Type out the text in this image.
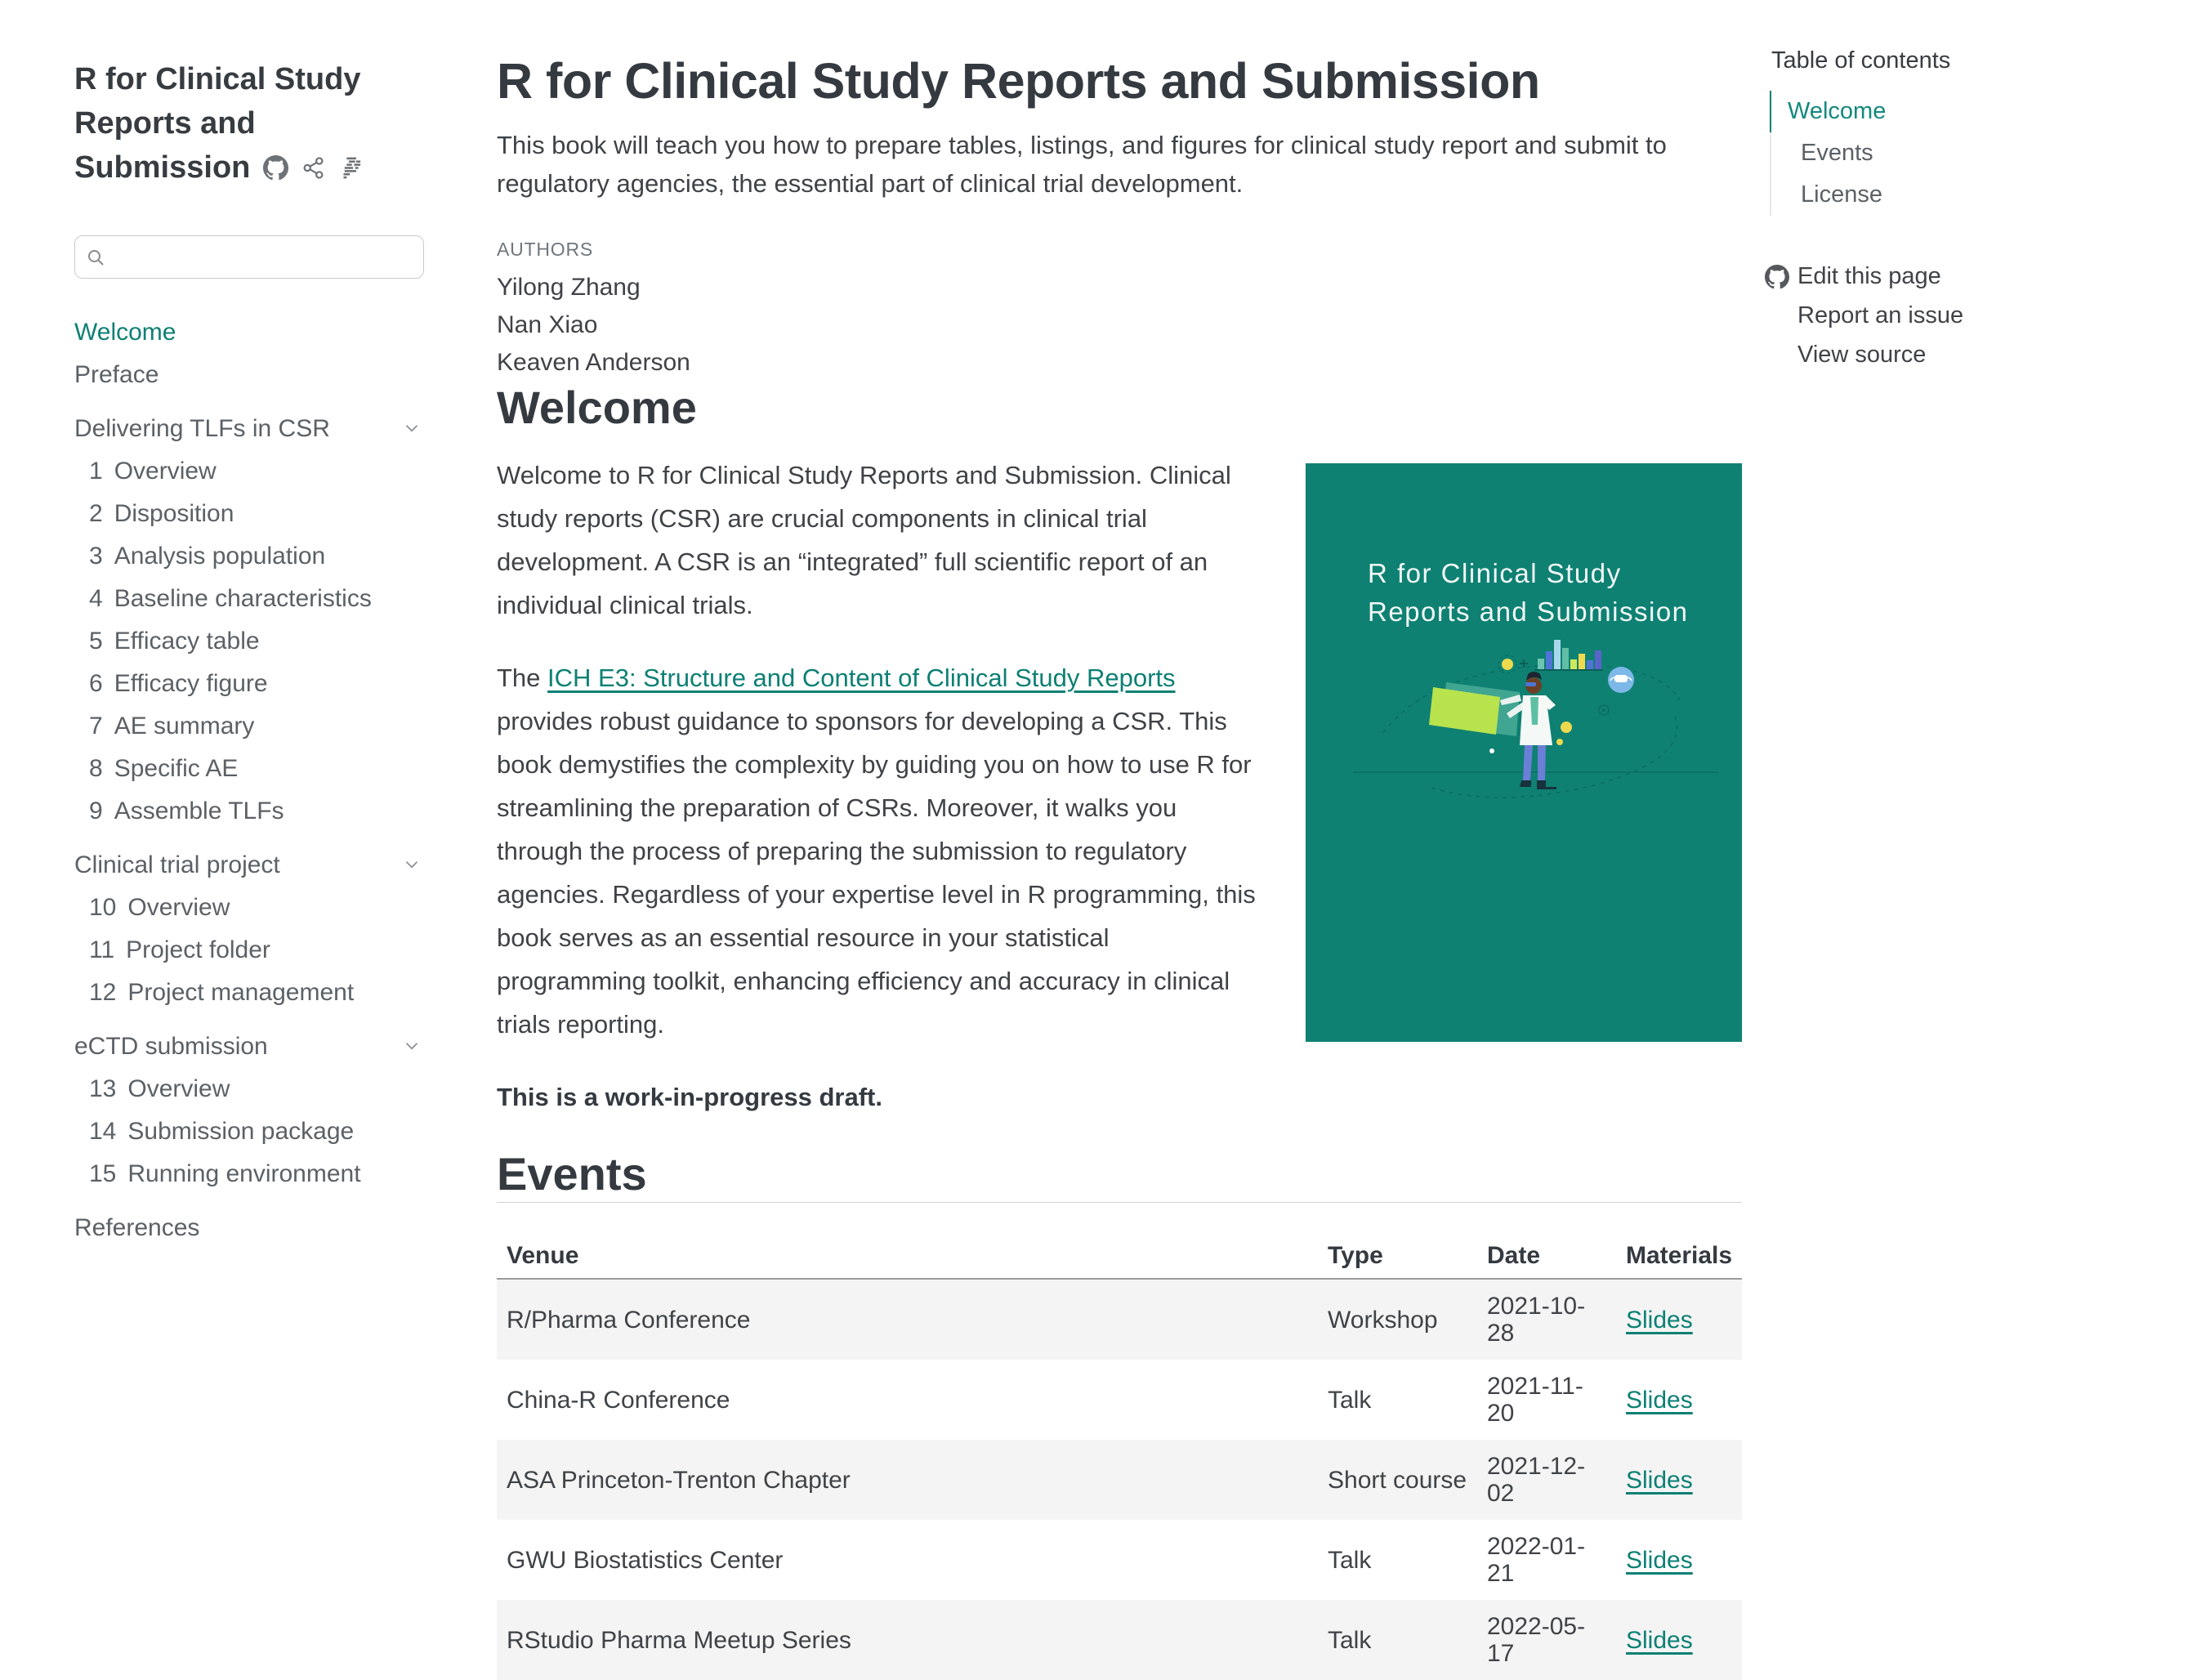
R for Clinical Study
Reports and
Submission
Welcome
Preface
Delivering TLFs in CSR
1 Overview
2 Disposition
3 Analysis population
4 Baseline characteristics
5 Efficacy table
6 Efficacy figure
7 AE summary
8 Specific AE
9 Assemble TLFs
Clinical trial project
10 Overview
11 Project folder
12 Project management
eCTD submission
13 Overview
14 Submission package
15 Running environment
References
R for Clinical Study Reports and Submission

This book will teach you how to prepare tables, listings, and figures for clinical study report and submit to regulatory agencies, the essential part of clinical trial development.

AUTHORS
Yilong Zhang
Nan Xiao
Keaven Anderson
Welcome
R for Clinical Study
Reports and Submission

Welcome to R for Clinical Study Reports and Submission. Clinical study reports (CSR) are crucial components in clinical trial development. A CSR is an “integrated” full scientific report of an individual clinical trials.

The ICH E3: Structure and Content of Clinical Study Reports provides robust guidance to sponsors for developing a CSR. This book demystifies the complexity by guiding you on how to use R for streamlining the preparation of CSRs. Moreover, it walks you through the process of preparing the submission to regulatory agencies. Regardless of your expertise level in R programming, this book serves as an essential resource in your statistical programming toolkit, enhancing efficiency and accuracy in clinical trials reporting.

This is a work-in-progress draft.

Events
Venue	Type	Date	Materials
R/Pharma Conference	Workshop	2021-10-28	Slides
China-R Conference	Talk	2021-11-20	Slides
ASA Princeton-Trenton Chapter	Short course	2021-12-02	Slides
GWU Biostatistics Center	Talk	2022-01-21	Slides
RStudio Pharma Meetup Series	Talk	2022-05-17	Slides
Table of contents
Welcome
Events
License
Edit this page
Report an issue
View source
